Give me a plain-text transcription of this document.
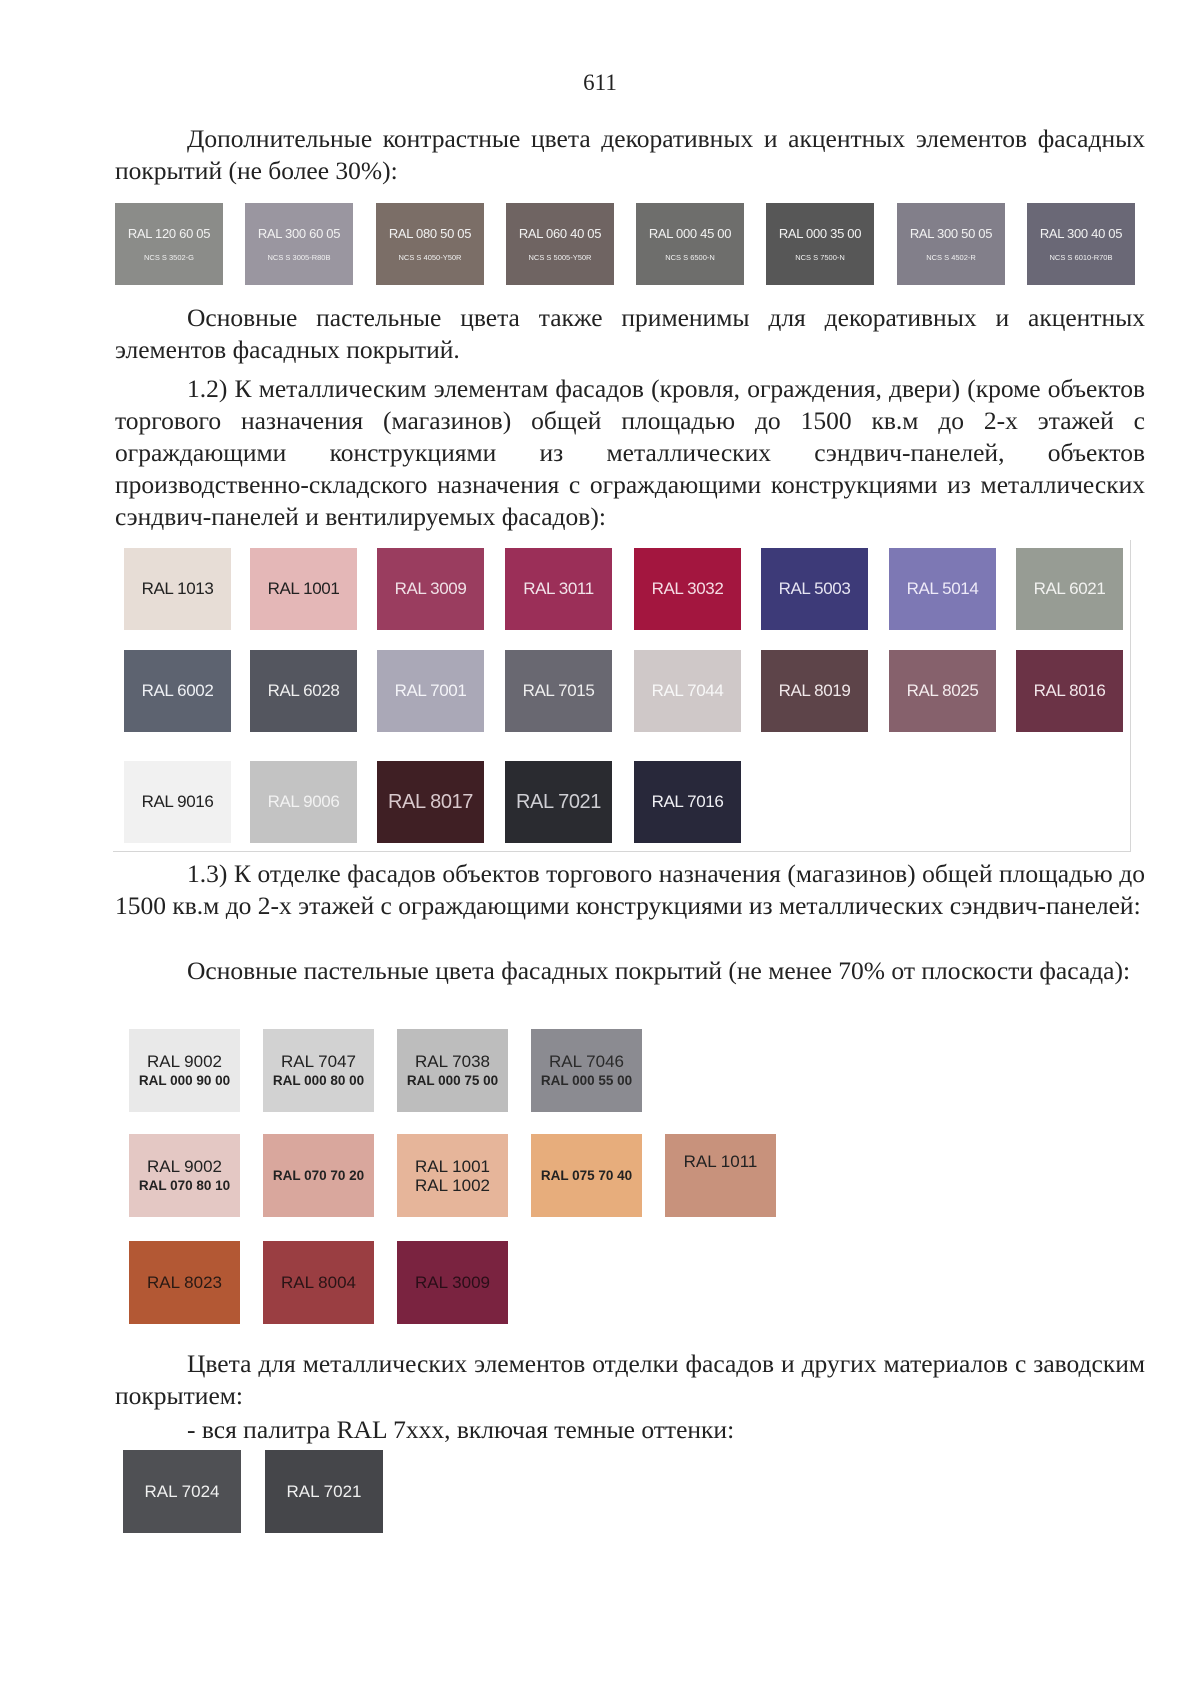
611

Дополнительные контрастные цвета декоративных и акцентных элементов фасадных покрытий (не более 30%):

RAL 120 60 05
NCS S 3502-G
RAL 300 60 05
NCS S 3005-R80B
RAL 080 50 05
NCS S 4050-Y50R
RAL 060 40 05
NCS S 5005-Y50R
RAL 000 45 00
NCS S 6500-N
RAL 000 35 00
NCS S 7500-N
RAL 300 50 05
NCS S 4502-R
RAL 300 40 05
NCS S 6010-R70B

Основные пастельные цвета также применимы для декоративных и акцентных элементов фасадных покрытий.

1.2) К металлическим элементам фасадов (кровля, ограждения, двери) (кроме объектов торгового назначения (магазинов) общей площадью до 1500 кв.м до 2-х этажей с ограждающими конструкциями из металлических сэндвич-панелей, объектов производственно-складского назначения с ограждающими конструкциями из металлических сэндвич-панелей и вентилируемых фасадов):

RAL 1013	RAL 1001	RAL 3009	RAL 3011	RAL 3032	RAL 5003	RAL 5014	RAL 6021
RAL 6002	RAL 6028	RAL 7001	RAL 7015	RAL 7044	RAL 8019	RAL 8025	RAL 8016
RAL 9016	RAL 9006 RAL 8017 RAL 7021	RAL 7016

1.3) К отделке фасадов объектов торгового назначения (магазинов) общей площадью до 1500 кв.м до 2-х этажей с ограждающими конструкциями из металлических сэндвич-панелей:

Основные пастельные цвета фасадных покрытий (не менее 70% от плоскости фасада):

RAL 9002
RAL 000 90 00
RAL 7047
RAL 000 80 00
RAL 7038
RAL 000 75 00
RAL 7046
RAL 000 55 00
RAL 9002
RAL 070 80 10
RAL 070 70 20	RAL 1001
RAL 1002	RAL 075 70 40
RAL 1011
RAL 8023	RAL 8004	RAL 3009

Цвета для металлических элементов отделки фасадов и других материалов с заводским покрытием:

- вся палитра RAL 7ххх, включая темные оттенки:

RAL 7024	RAL 7021
